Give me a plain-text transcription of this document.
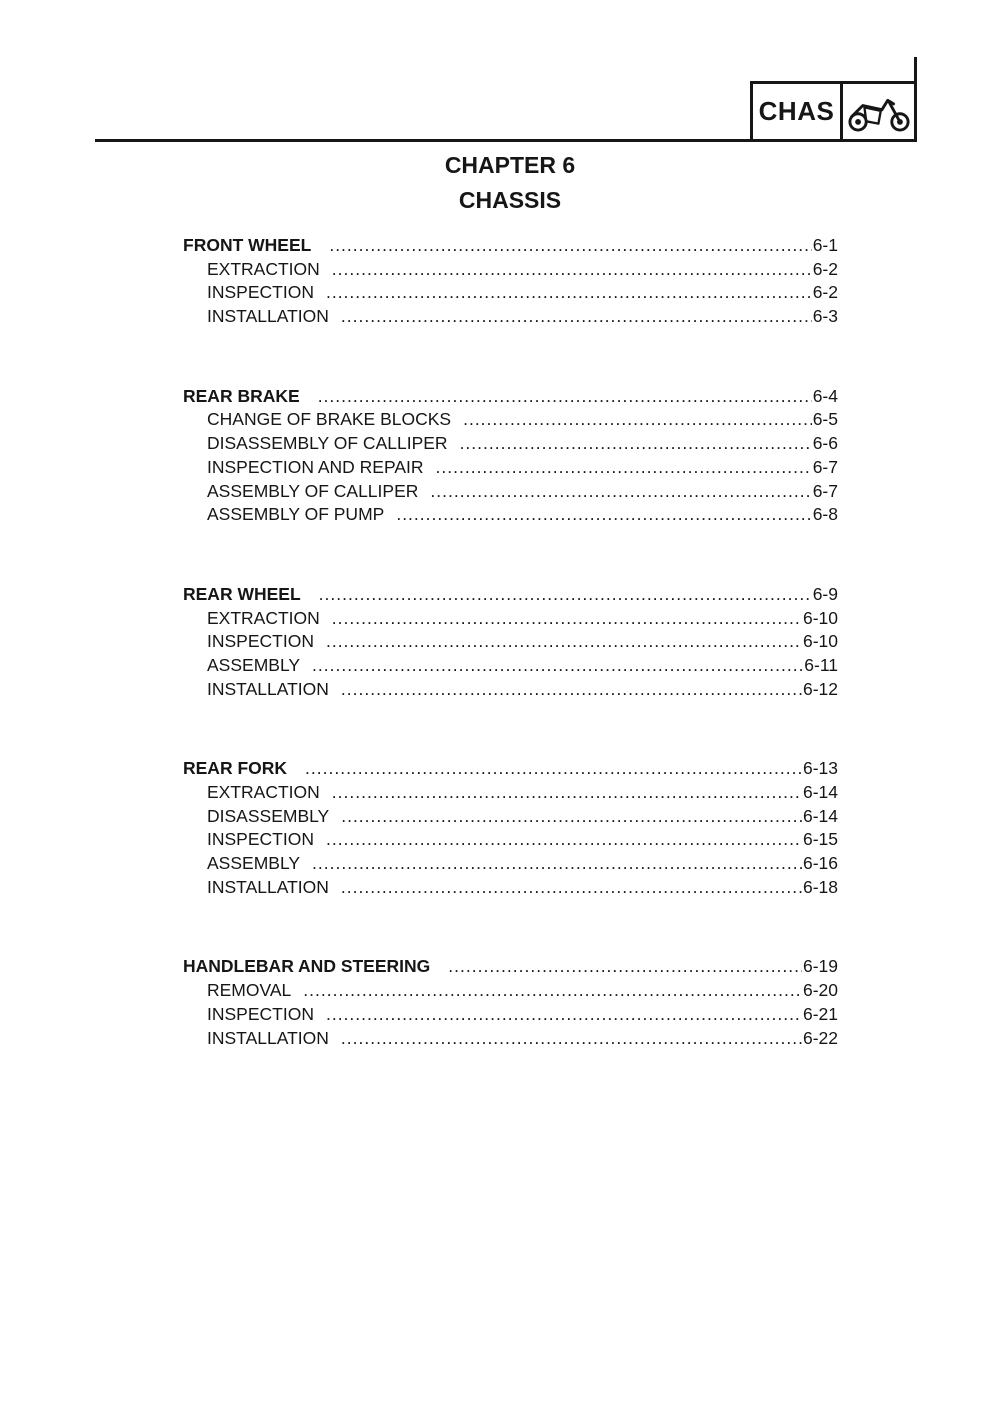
CHAS
CHAPTER 6
CHASSIS
FRONT WHEEL .....	6-1
EXTRACTION .....	6-2
INSPECTION .....	6-2
INSTALLATION .....	6-3
REAR BRAKE .....	6-4
CHANGE OF BRAKE BLOCKS .....	6-5
DISASSEMBLY OF CALLIPER .....	6-6
INSPECTION AND REPAIR .....	6-7
ASSEMBLY OF CALLIPER .....	6-7
ASSEMBLY OF PUMP .....	6-8
REAR WHEEL .....	6-9
EXTRACTION .....	6-10
INSPECTION .....	6-10
ASSEMBLY .....	6-11
INSTALLATION .....	6-12
REAR FORK .....	6-13
EXTRACTION .....	6-14
DISASSEMBLY .....	6-14
INSPECTION .....	6-15
ASSEMBLY .....	6-16
INSTALLATION .....	6-18
HANDLEBAR AND STEERING .....	6-19
REMOVAL .....	6-20
INSPECTION .....	6-21
INSTALLATION .....	6-22
